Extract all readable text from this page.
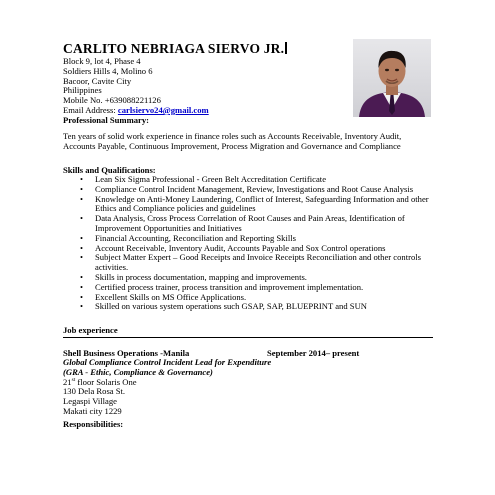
CARLITO NEBRIAGA SIERVO JR.
Block 9, lot 4, Phase 4
Soldiers Hills 4, Molino 6
Bacoor, Cavite City
Philippines
Mobile No. +639088221126
Email Address: carlsiervo24@gmail.com
Professional Summary:
Ten years of solid work experience in finance roles such as Accounts Receivable, Inventory Audit, Accounts Payable, Continuous Improvement, Process Migration and Governance and Compliance
Skills and Qualifications:
• Lean Six Sigma Professional - Green Belt Accreditation Certificate
• Compliance Control Incident Management, Review, Investigations and Root Cause Analysis
• Knowledge on Anti-Money Laundering, Conflict of Interest, Safeguarding Information and other Ethics and Compliance policies and guidelines
• Data Analysis, Cross Process Correlation of Root Causes and Pain Areas, Identification of Improvement Opportunities and Initiatives
• Financial Accounting, Reconciliation and Reporting Skills
• Account Receivable, Inventory Audit, Accounts Payable and Sox Control operations
• Subject Matter Expert – Good Receipts and Invoice Receipts Reconciliation and other controls activities.
• Skills in process documentation, mapping and improvements.
• Certified process trainer, process transition and improvement implementation.
• Excellent Skills on MS Office Applications.
• Skilled on various system operations such GSAP, SAP, BLUEPRINT and SUN
Job experience
Shell Business Operations -Manila	September 2014– present
Global Compliance Control Incident Lead for Expenditure
(GRA - Ethic, Compliance & Governance)
21st floor Solaris One
130 Dela Rosa St.
Legaspi Village
Makati city 1229
Responsibilities:
